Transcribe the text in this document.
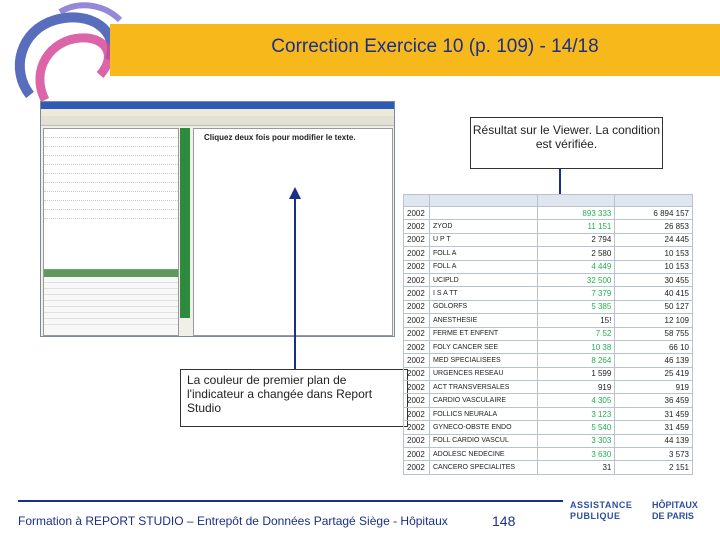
Correction Exercice 10 (p. 109) - 14/18
Cliquez deux fois pour modifier le texte.
Résultat sur le Viewer. La condition est vérifiée.
La couleur de premier plan de l'indicateur a changée dans Report Studio

2002		893 333	6 894 157
2002	ZYOD	11 151	26 853
2002	U P T	2 794	24 445
2002	FOLL A	2 580	10 153
2002	FOLL A	4 449	10 153
2002	UCIPLD	32 500	30 455
2002	I S A TT	7 379	40 415
2002	GOLORFS	5 385	50 127
2002	ANESTHESIE	15!	12 109
2002	FERME ET ENFENT	7 52	58 755
2002	FOLY CANCER SEE	10 38	66 10
2002	MED SPECIALISEES	8 264	46 139
2002	URGENCES RESEAU	1 599	25 419
2002	ACT TRANSVERSALES	919	919
2002	CARDIO VASCULAIRE	4 305	36 459
2002	FOLLICS NEURALA	3 123	31 459
2002	GYNECO-OBSTE ENDO	5 540	31 459
2002	FOLL CARDIO VASCUL	3 303	44 139
2002	ADOLESC NEDECINE	3 630	3 573
2002	CANCERO SPECIALITES	31	2 151
Formation à REPORT STUDIO – Entrepôt de Données Partagé Siège - Hôpitaux	148
ASSISTANCE
PUBLIQUE
HÔPITAUX
DE PARIS
